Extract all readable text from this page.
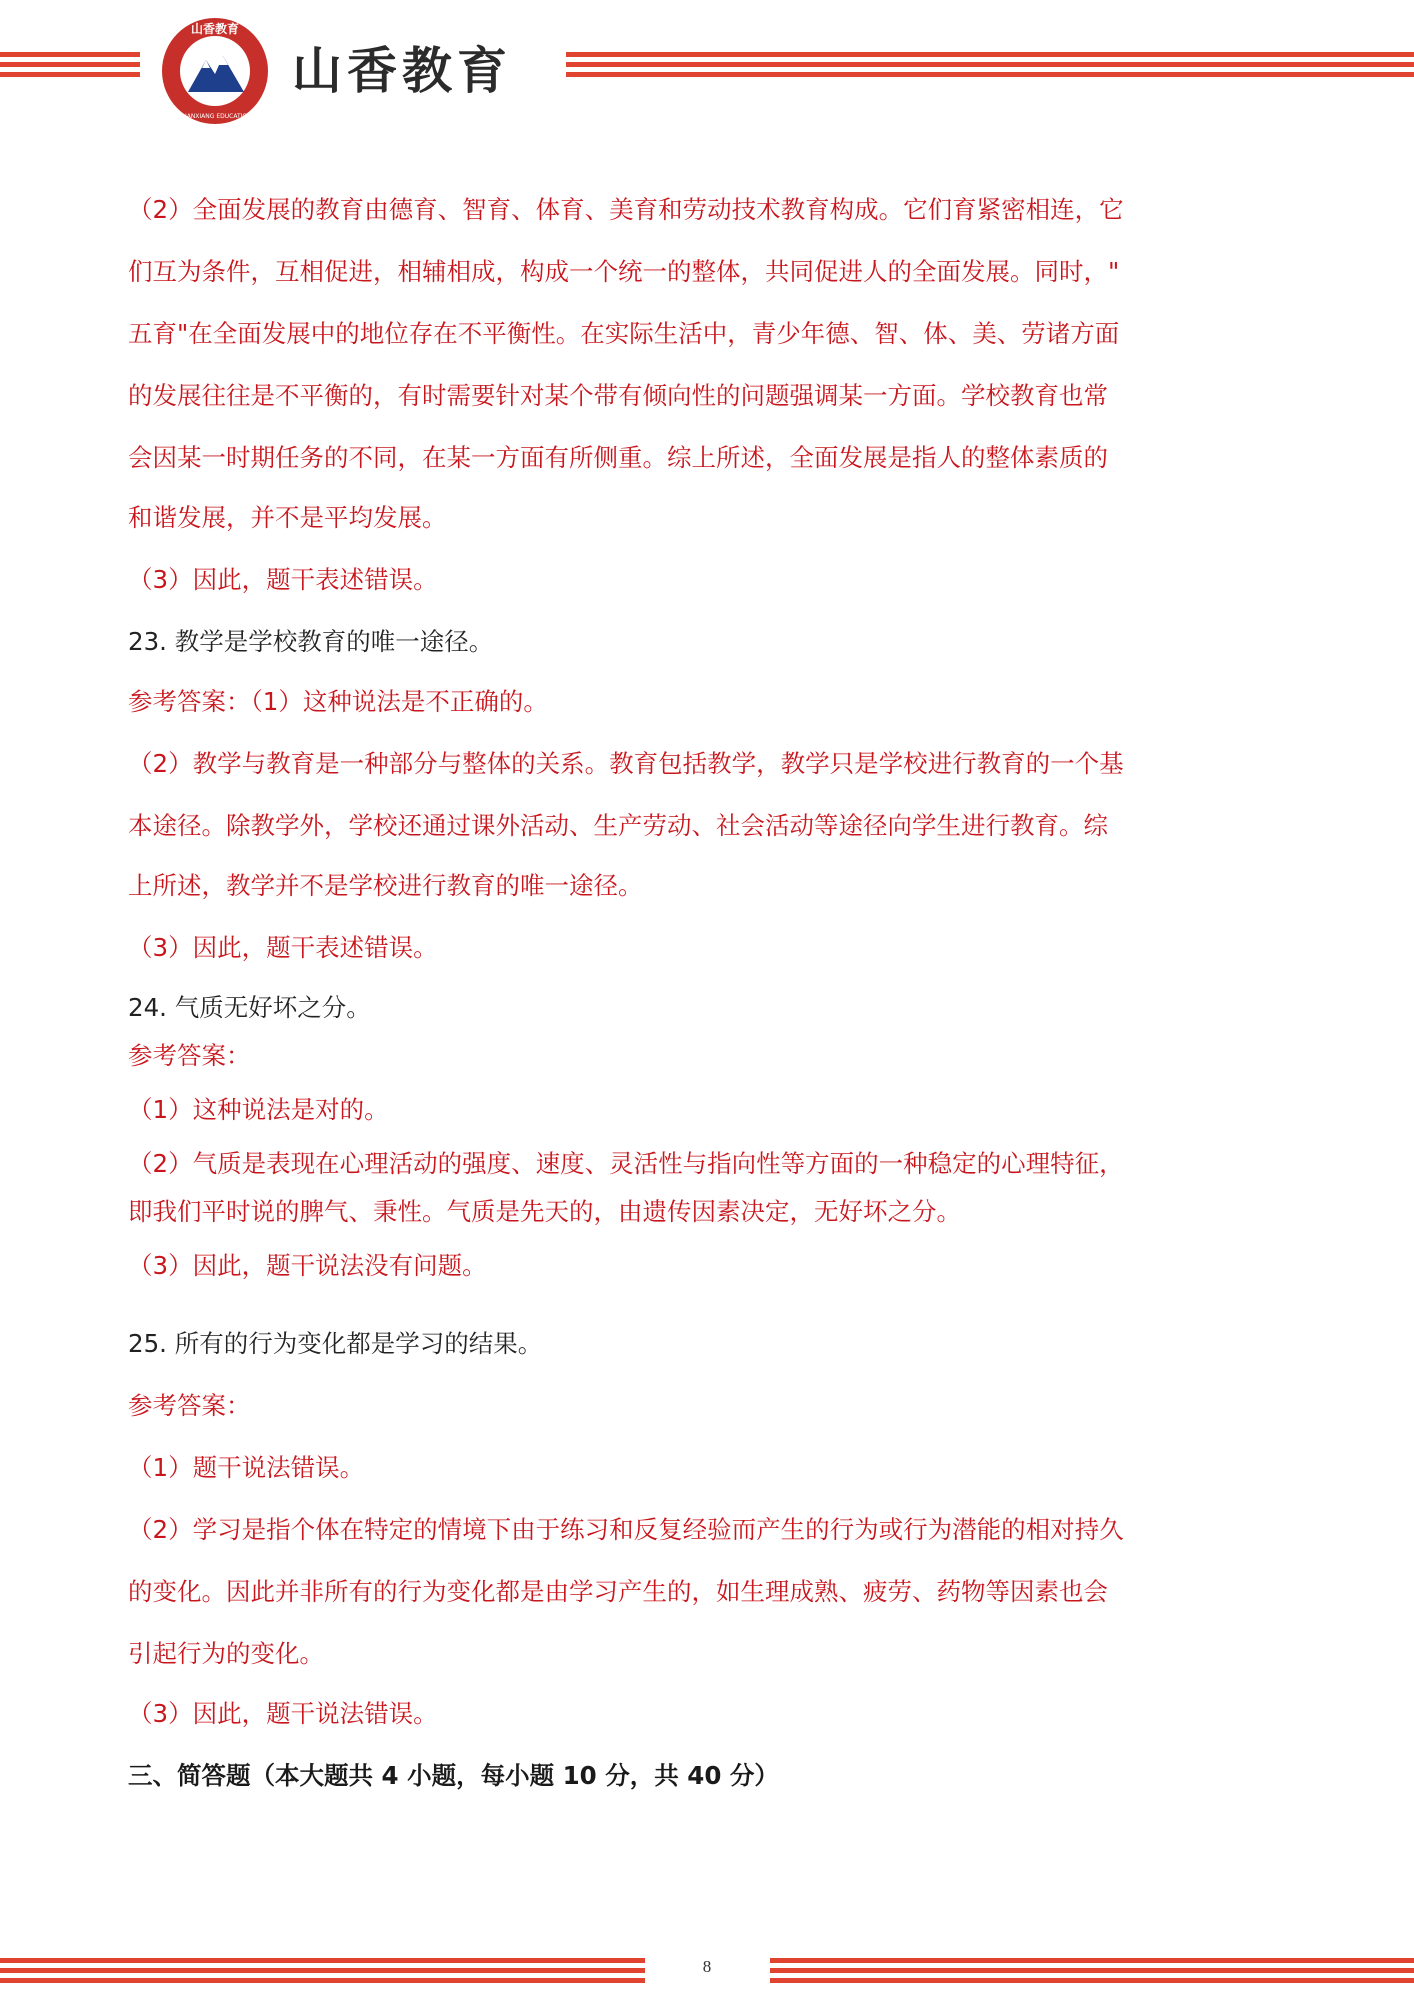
山香教育
SHANXIANG EDUCATION
山香教育
（2）全面发展的教育由德育、智育、体育、美育和劳动技术教育构成。它们育紧密相连，它
们互为条件，互相促进，相辅相成，构成一个统一的整体，共同促进人的全面发展。同时，"
五育"在全面发展中的地位存在不平衡性。在实际生活中，青少年德、智、体、美、劳诸方面
的发展往往是不平衡的，有时需要针对某个带有倾向性的问题强调某一方面。学校教育也常
会因某一时期任务的不同，在某一方面有所侧重。综上所述，全面发展是指人的整体素质的
和谐发展，并不是平均发展。
（3）因此，题干表述错误。
23. 教学是学校教育的唯一途径。
参考答案：（1）这种说法是不正确的。
（2）教学与教育是一种部分与整体的关系。教育包括教学，教学只是学校进行教育的一个基
本途径。除教学外，学校还通过课外活动、生产劳动、社会活动等途径向学生进行教育。综
上所述，教学并不是学校进行教育的唯一途径。
（3）因此，题干表述错误。
24. 气质无好坏之分。
参考答案：
（1）这种说法是对的。
（2）气质是表现在心理活动的强度、速度、灵活性与指向性等方面的一种稳定的心理特征，
即我们平时说的脾气、秉性。气质是先天的，由遗传因素决定，无好坏之分。
（3）因此，题干说法没有问题。
25. 所有的行为变化都是学习的结果。
参考答案：
（1）题干说法错误。
（2）学习是指个体在特定的情境下由于练习和反复经验而产生的行为或行为潜能的相对持久
的变化。因此并非所有的行为变化都是由学习产生的，如生理成熟、疲劳、药物等因素也会
引起行为的变化。
（3）因此，题干说法错误。
三、简答题（本大题共 4 小题，每小题 10 分，共 40 分）
8
